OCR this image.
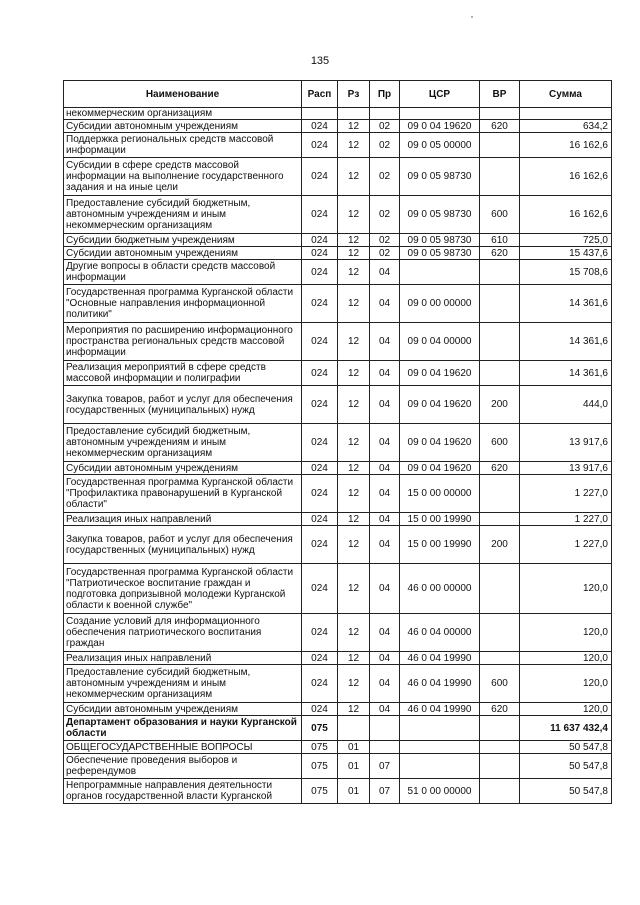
135
Наименование	Расп	Рз	Пр	ЦСР	ВР	Сумма
некоммерческим организациям						
Субсидии автономным учреждениям	024	12	02	09 0 04 19620	620	634,2
Поддержка региональных средств массовой информации	024	12	02	09 0 05 00000		16 162,6
Субсидии в сфере средств массовой информации на выполнение государственного задания и на иные цели	024	12	02	09 0 05 98730		16 162,6
Предоставление субсидий бюджетным, автономным учреждениям и иным некоммерческим организациям	024	12	02	09 0 05 98730	600	16 162,6
Субсидии бюджетным учреждениям	024	12	02	09 0 05 98730	610	725,0
Субсидии автономным учреждениям	024	12	02	09 0 05 98730	620	15 437,6
Другие вопросы в области средств массовой информации	024	12	04			15 708,6
Государственная программа Курганской области "Основные направления информационной политики"	024	12	04	09 0 00 00000		14 361,6
Мероприятия по расширению информационного пространства региональных средств массовой информации	024	12	04	09 0 04 00000		14 361,6
Реализация мероприятий в сфере средств массовой информации и полиграфии	024	12	04	09 0 04 19620		14 361,6
Закупка товаров, работ и услуг для обеспечения государственных (муниципальных) нужд	024	12	04	09 0 04 19620	200	444,0
Предоставление субсидий бюджетным, автономным учреждениям и иным некоммерческим организациям	024	12	04	09 0 04 19620	600	13 917,6
Субсидии автономным учреждениям	024	12	04	09 0 04 19620	620	13 917,6
Государственная программа Курганской области "Профилактика правонарушений в Курганской области"	024	12	04	15 0 00 00000		1 227,0
Реализация иных направлений	024	12	04	15 0 00 19990		1 227,0
Закупка товаров, работ и услуг для обеспечения государственных (муниципальных) нужд	024	12	04	15 0 00 19990	200	1 227,0
Государственная программа Курганской области "Патриотическое воспитание граждан и подготовка допризывной молодежи Курганской области к военной службе"	024	12	04	46 0 00 00000		120,0
Создание условий для информационного обеспечения патриотического воспитания граждан	024	12	04	46 0 04 00000		120,0
Реализация иных направлений	024	12	04	46 0 04 19990		120,0
Предоставление субсидий бюджетным, автономным учреждениям и иным некоммерческим организациям	024	12	04	46 0 04 19990	600	120,0
Субсидии автономным учреждениям	024	12	04	46 0 04 19990	620	120,0
Департамент образования и науки Курганской области	075					11 637 432,4
ОБЩЕГОСУДАРСТВЕННЫЕ ВОПРОСЫ	075	01				50 547,8
Обеспечение проведения выборов и референдумов	075	01	07			50 547,8
Непрограммные направления деятельности органов государственной власти Курганской	075	01	07	51 0 00 00000		50 547,8
